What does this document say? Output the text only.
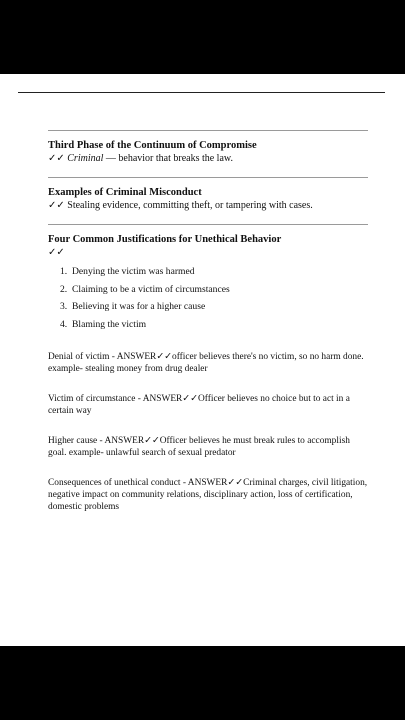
Third Phase of the Continuum of Compromise
✓✓ Criminal — behavior that breaks the law.
Examples of Criminal Misconduct
✓✓ Stealing evidence, committing theft, or tampering with cases.
Four Common Justifications for Unethical Behavior
✓✓
1. Denying the victim was harmed
2. Claiming to be a victim of circumstances
3. Believing it was for a higher cause
4. Blaming the victim
Denial of victim - ANSWER✓✓officer believes there's no victim, so no harm done. example- stealing money from drug dealer
Victim of circumstance - ANSWER✓✓Officer believes no choice but to act in a certain way
Higher cause - ANSWER✓✓Officer believes he must break rules to accomplish goal. example- unlawful search of sexual predator
Consequences of unethical conduct - ANSWER✓✓Criminal charges, civil litigation, negative impact on community relations, disciplinary action, loss of certification, domestic problems
